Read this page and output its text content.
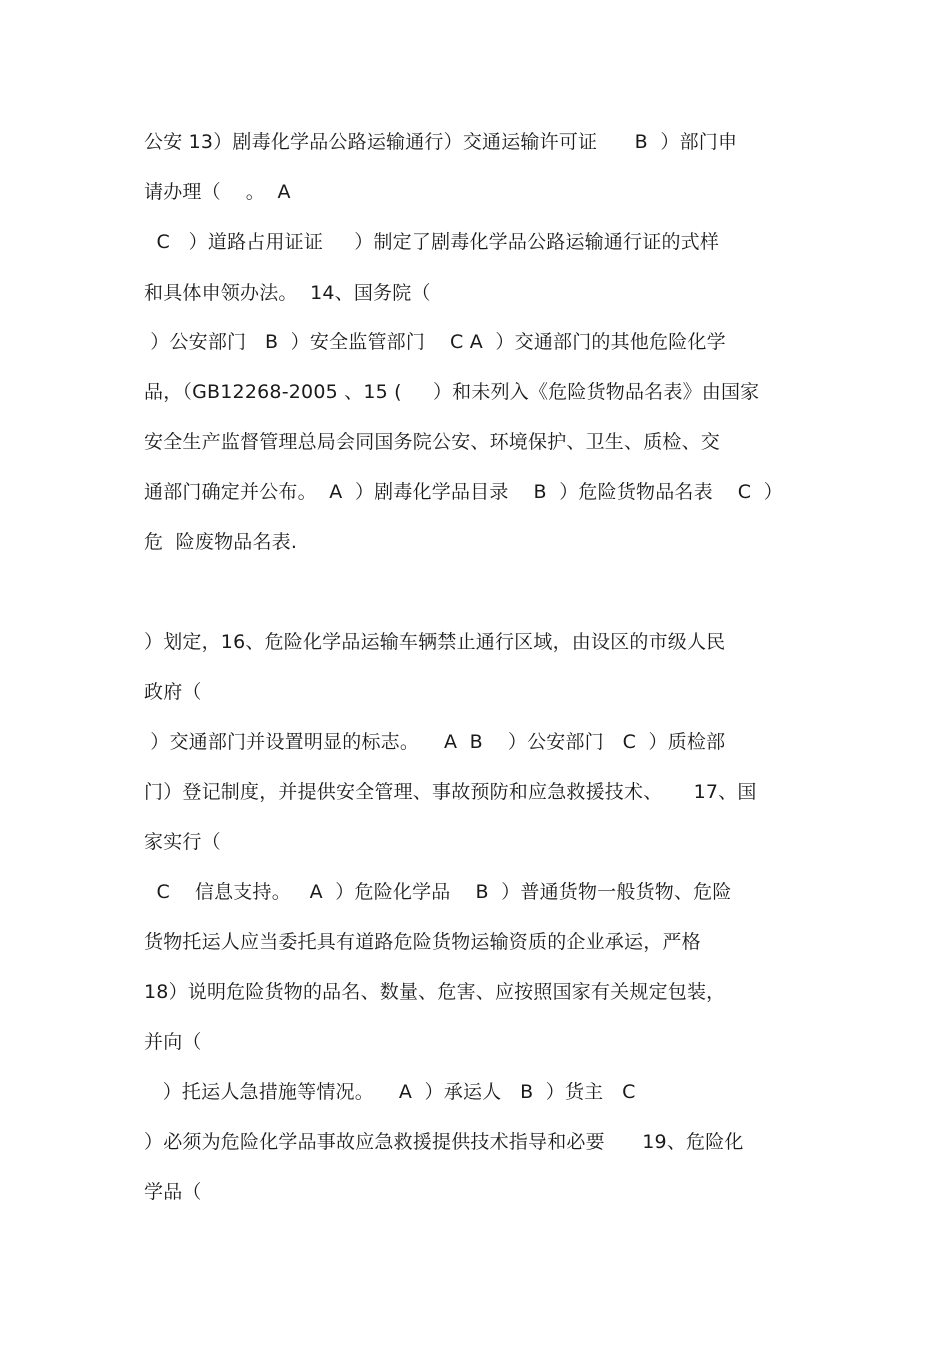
公安 13）剧毒化学品公路运输通行）交通运输许可证      B  ）部门申
请办理（    。  A
C   ）道路占用证证     ）制定了剧毒化学品公路运输通行证的式样
和具体申领办法。  14、国务院（
）公安部门   B  ）安全监管部门    C A  ）交通部门的其他危险化学
品，（GB12268-2005 、15 (     ）和未列入《危险货物品名表》由国家
安全生产监督管理总局会同国务院公安、环境保护、卫生、质检、交
通部门确定并公布。  A  ）剧毒化学品目录    B  ）危险货物品名表    C  ）
危  险废物品名表.
）划定，16、危险化学品运输车辆禁止通行区域，由设区的市级人民
政府（
）交通部门并设置明显的标志。    A  B    ）公安部门   C  ）质检部
门）登记制度，并提供安全管理、事故预防和应急救援技术、     17、国
家实行（
C    信息支持。   A  ）危险化学品    B  ）普通货物一般货物、危险
货物托运人应当委托具有道路危险货物运输资质的企业承运，严格
18）说明危险货物的品名、数量、危害、应按照国家有关规定包装，
并向（
）托运人急措施等情况。    A  ）承运人   B  ）货主   C
）必须为危险化学品事故应急救援提供技术指导和必要      19、危险化
学品（
